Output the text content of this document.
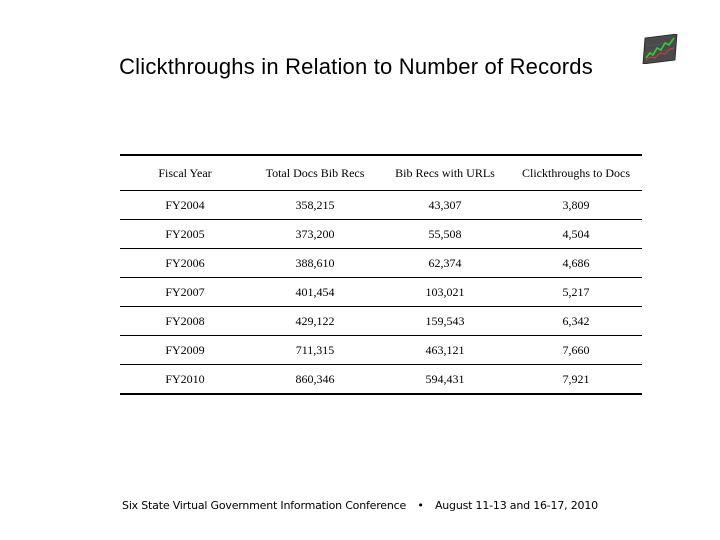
Clickthroughs in Relation to Number of Records
Fiscal Year	Total Docs Bib Recs	Bib Recs with URLs	Clickthroughs to Docs
FY2004	358,215	43,307	3,809
FY2005	373,200	55,508	4,504
FY2006	388,610	62,374	4,686
FY2007	401,454	103,021	5,217
FY2008	429,122	159,543	6,342
FY2009	711,315	463,121	7,660
FY2010	860,346	594,431	7,921
Six State Virtual Government Information Conference • August 11-13 and 16-17, 2010
